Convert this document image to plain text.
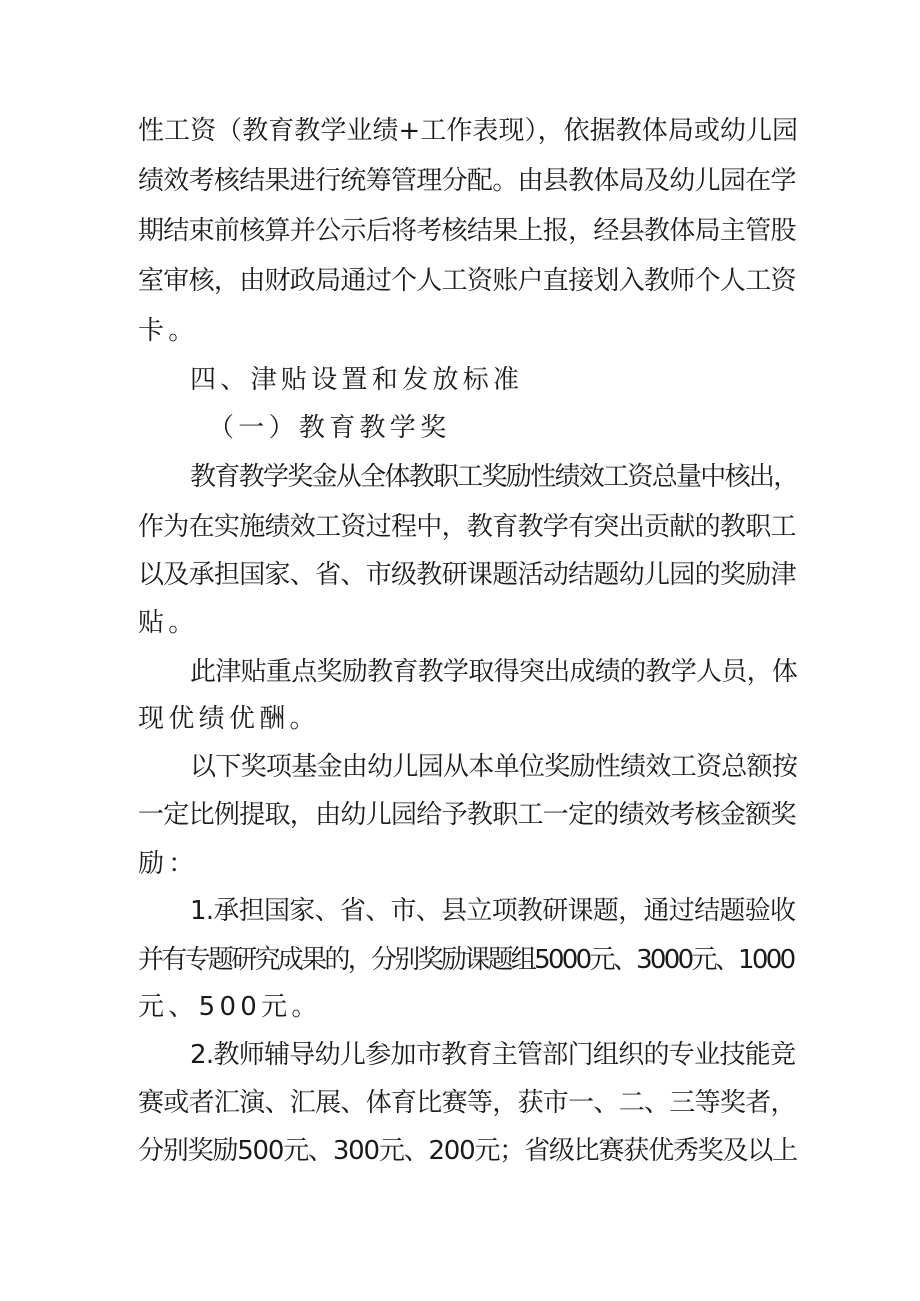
性工资（教育教学业绩+工作表现），依据教体局或幼儿园
绩效考核结果进行统筹管理分配。由县教体局及幼儿园在学
期结束前核算并公示后将考核结果上报，经县教体局主管股
室审核，由财政局通过个人工资账户直接划入教师个人工资
卡。
四、津贴设置和发放标准
（一）教育教学奖
教育教学奖金从全体教职工奖励性绩效工资总量中核出，
作为在实施绩效工资过程中，教育教学有突出贡献的教职工
以及承担国家、省、市级教研课题活动结题幼儿园的奖励津
贴。
此津贴重点奖励教育教学取得突出成绩的教学人员，体
现优绩优酬。
以下奖项基金由幼儿园从本单位奖励性绩效工资总额按
一定比例提取，由幼儿园给予教职工一定的绩效考核金额奖
励：
1.承担国家、省、市、县立项教研课题，通过结题验收
并有专题研究成果的，分别奖励课题组5000元、3000元、1000
元、500元。
2.教师辅导幼儿参加市教育主管部门组织的专业技能竞
赛或者汇演、汇展、体育比赛等，获市一、二、三等奖者，
分别奖励500元、300元、200元；省级比赛获优秀奖及以上
